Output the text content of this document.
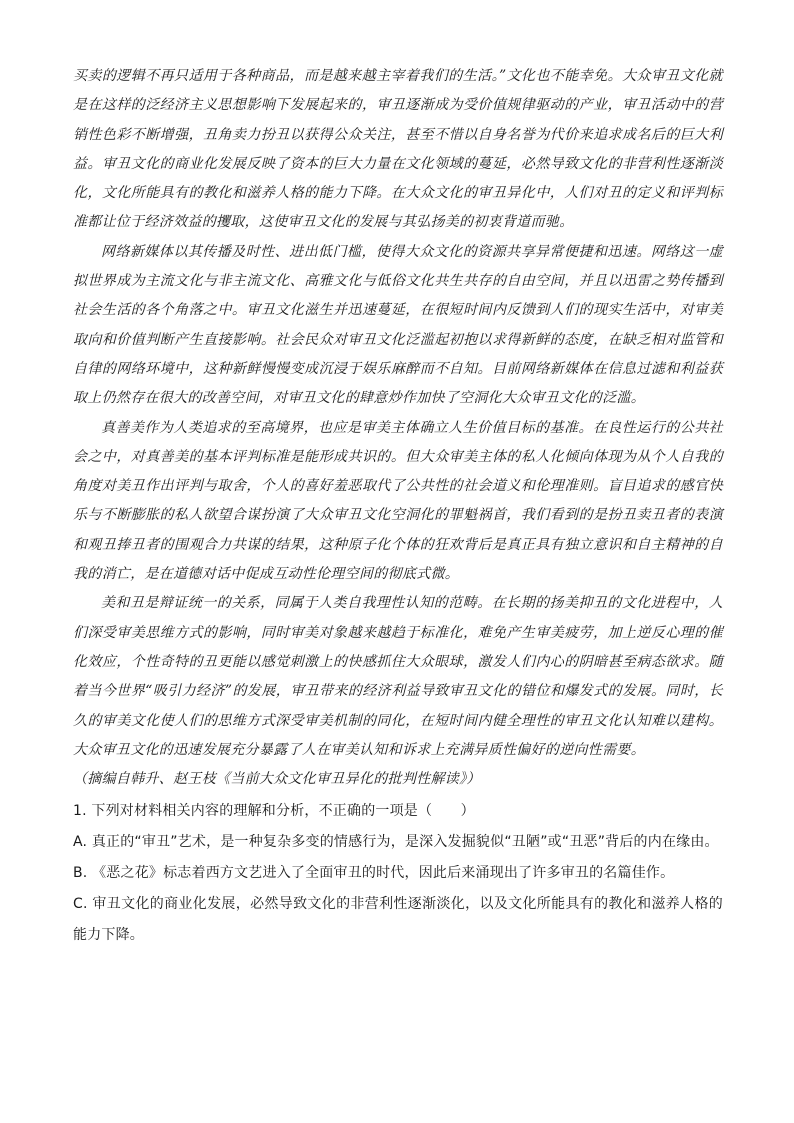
买卖的逻辑不再只适用于各种商品，而是越来越主宰着我们的生活。”文化也不能幸免。大众审丑文化就是在这样的泛经济主义思想影响下发展起来的，审丑逐渐成为受价值规律驱动的产业，审丑活动中的营销性色彩不断增强，丑角卖力扮丑以获得公众关注，甚至不惜以自身名誉为代价来追求成名后的巨大利益。审丑文化的商业化发展反映了资本的巨大力量在文化领域的蔓延，必然导致文化的非营利性逐渐淡化，文化所能具有的教化和滋养人格的能力下降。在大众文化的审丑异化中，人们对丑的定义和评判标准都让位于经济效益的攫取，这使审丑文化的发展与其弘扬美的初衷背道而驰。

网络新媒体以其传播及时性、进出低门槛，使得大众文化的资源共享异常便捷和迅速。网络这一虚拟世界成为主流文化与非主流文化、高雅文化与低俗文化共生共存的自由空间，并且以迅雷之势传播到社会生活的各个角落之中。审丑文化滋生并迅速蔓延，在很短时间内反馈到人们的现实生活中，对审美取向和价值判断产生直接影响。社会民众对审丑文化泛滥起初抱以求得新鲜的态度，在缺乏相对监管和自律的网络环境中，这种新鲜慢慢变成沉浸于娱乐麻醉而不自知。目前网络新媒体在信息过滤和利益获取上仍然存在很大的改善空间，对审丑文化的肆意炒作加快了空洞化大众审丑文化的泛滥。

真善美作为人类追求的至高境界，也应是审美主体确立人生价值目标的基准。在良性运行的公共社会之中，对真善美的基本评判标准是能形成共识的。但大众审美主体的私人化倾向体现为从个人自我的角度对美丑作出评判与取舍，个人的喜好羞恶取代了公共性的社会道义和伦理准则。盲目追求的感官快乐与不断膨胀的私人欲望合谋扮演了大众审丑文化空洞化的罪魁祸首，我们看到的是扮丑卖丑者的表演和观丑捧丑者的围观合力共谋的结果，这种原子化个体的狂欢背后是真正具有独立意识和自主精神的自我的消亡，是在道德对话中促成互动性伦理空间的彻底式微。

美和丑是辩证统一的关系，同属于人类自我理性认知的范畴。在长期的扬美抑丑的文化进程中，人们深受审美思维方式的影响，同时审美对象越来越趋于标准化，难免产生审美疲劳，加上逆反心理的催化效应，个性奇特的丑更能以感觉刺激上的快感抓住大众眼球，激发人们内心的阴暗甚至病态欲求。随着当今世界“吸引力经济”的发展，审丑带来的经济利益导致审丑文化的错位和爆发式的发展。同时，长久的审美文化使人们的思维方式深受审美机制的同化，在短时间内健全理性的审丑文化认知难以建构。大众审丑文化的迅速发展充分暴露了人在审美认知和诉求上充满异质性偏好的逆向性需要。

（摘编自韩升、赵王枝《当前大众文化审丑异化的批判性解读》）

1. 下列对材料相关内容的理解和分析，不正确的一项是（　　）

A. 真正的“审丑”艺术，是一种复杂多变的情感行为，是深入发掘貌似“丑陋”或“丑恶”背后的内在缘由。

B. 《恶之花》标志着西方文艺进入了全面审丑的时代，因此后来涌现出了许多审丑的名篇佳作。

C. 审丑文化的商业化发展，必然导致文化的非营利性逐渐淡化，以及文化所能具有的教化和滋养人格的能力下降。
